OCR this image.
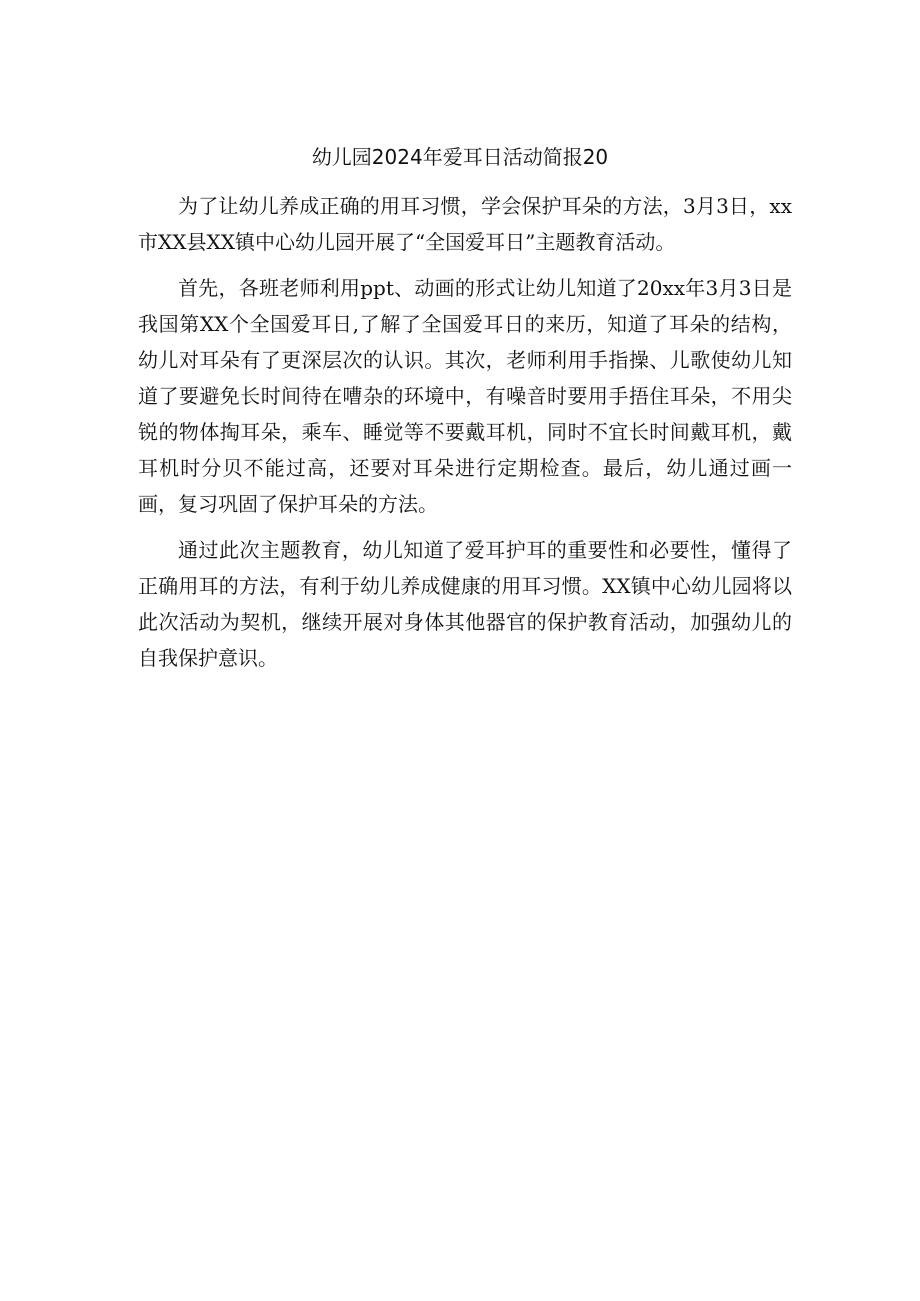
幼儿园2024年爱耳日活动简报20

为了让幼儿养成正确的用耳习惯，学会保护耳朵的方法，3月3日，xx市XX县XX镇中心幼儿园开展了“全国爱耳日”主题教育活动。

首先，各班老师利用ppt、动画的形式让幼儿知道了20xx年3月3日是我国第XX个全国爱耳日,了解了全国爱耳日的来历，知道了耳朵的结构，幼儿对耳朵有了更深层次的认识。其次，老师利用手指操、儿歌使幼儿知道了要避免长时间待在嘈杂的环境中，有噪音时要用手捂住耳朵，不用尖锐的物体掏耳朵，乘车、睡觉等不要戴耳机，同时不宜长时间戴耳机，戴耳机时分贝不能过高，还要对耳朵进行定期检查。最后，幼儿通过画一画，复习巩固了保护耳朵的方法。

通过此次主题教育，幼儿知道了爱耳护耳的重要性和必要性，懂得了正确用耳的方法，有利于幼儿养成健康的用耳习惯。XX镇中心幼儿园将以此次活动为契机，继续开展对身体其他器官的保护教育活动，加强幼儿的自我保护意识。
